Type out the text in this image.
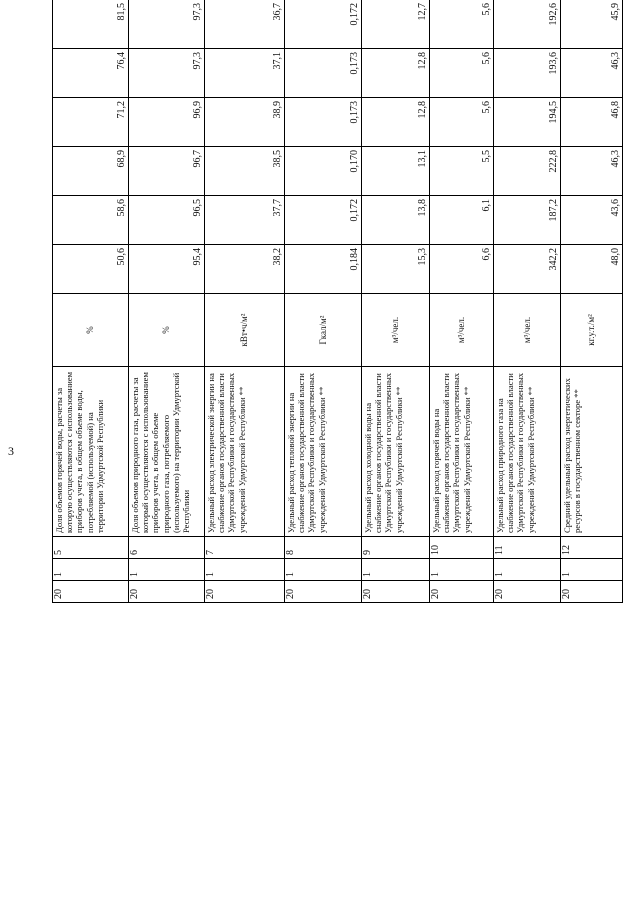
3
20	1	5	Доля объемов горячей воды, расчеты за которую осуществляются с использованием приборов учета, в общем объеме воды, потребляемой (используемой) на территории Удмуртской Республики	%	50,6	58,6	68,9	71,2	76,4	81,5					
20	1	6	Доля объемов природного газа, расчеты за который осуществляются с использованием приборов учета, в общем объеме природного газа, потребляемого (используемого) на территории Удмуртской Республики	%	95,4	96,5	96,7	96,9	97,3	97,3					
20	1	7	Удельный расход электрической энергии на снабжение органов государственной власти Удмуртской Республики и государственных учреждений Удмуртской Республики **	кВт•ч/м²	38,2	37,7	38,5	38,9	37,1	36,7					
20	1	8	Удельный расход тепловой энергии на снабжение органов государственной власти Удмуртской Республики и государственных учреждений Удмуртской Республики **	Гкал/м²	0,184	0,172	0,170	0,173	0,173	0,172					
20	1	9	Удельный расход холодной воды на снабжение органов государственной власти Удмуртской Республики и государственных учреждений Удмуртской Республики **	м³/чел.	15,3	13,8	13,1	12,8	12,8	12,7					
20	1	10	Удельный расход горячей воды на снабжение органов государственной власти Удмуртской Республики и государственных учреждений Удмуртской Республики **	м³/чел.	6,6	6,1	5,5	5,6	5,6	5,6					
20	1	11	Удельный расход природного газа на снабжение органов государственной власти Удмуртской Республики и государственных учреждений Удмуртской Республики **	м³/чел.	342,2	187,2	222,8	194,5	193,6	192,6					
20	1	12	Средний удельный расход энергетических ресурсов в государственном секторе **	кг.у.т./м²	48,0	43,6	46,3	46,8	46,3	45,9					
